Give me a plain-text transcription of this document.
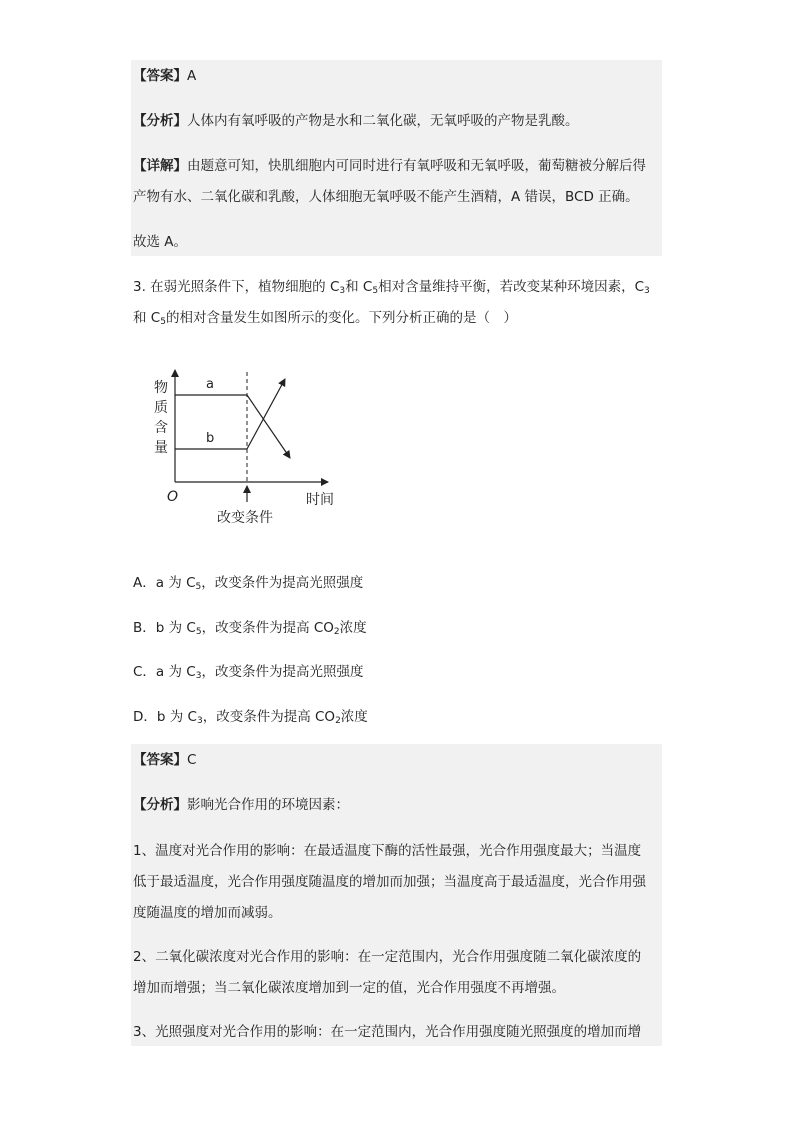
【答案】A
【分析】人体内有氧呼吸的产物是水和二氧化碳，无氧呼吸的产物是乳酸。
【详解】由题意可知，快肌细胞内可同时进行有氧呼吸和无氧呼吸，葡萄糖被分解后得
产物有水、二氧化碳和乳酸，人体细胞无氧呼吸不能产生酒精，A 错误，BCD 正确。
故选 A。
3. 在弱光照条件下，植物细胞的 $C_3$和 $C_5$相对含量维持平衡，若改变某种环境因素，$C_3$
和 $C_5$的相对含量发生如图所示的变化。下列分析正确的是（　）
物
质
含
量
a
b
O	时间
改变条件
A．a 为 $C_5$，改变条件为提高光照强度
B．b 为 $C_5$，改变条件为提高 $CO_2$浓度
C．a 为 $C_3$，改变条件为提高光照强度
D．b 为 $C_3$，改变条件为提高 $CO_2$浓度
【答案】C
【分析】影响光合作用的环境因素：
1、温度对光合作用的影响：在最适温度下酶的活性最强，光合作用强度最大；当温度
低于最适温度，光合作用强度随温度的增加而加强；当温度高于最适温度，光合作用强
度随温度的增加而减弱。
2、二氧化碳浓度对光合作用的影响：在一定范围内，光合作用强度随二氧化碳浓度的
增加而增强；当二氧化碳浓度增加到一定的值，光合作用强度不再增强。
3、光照强度对光合作用的影响：在一定范围内，光合作用强度随光照强度的增加而增
